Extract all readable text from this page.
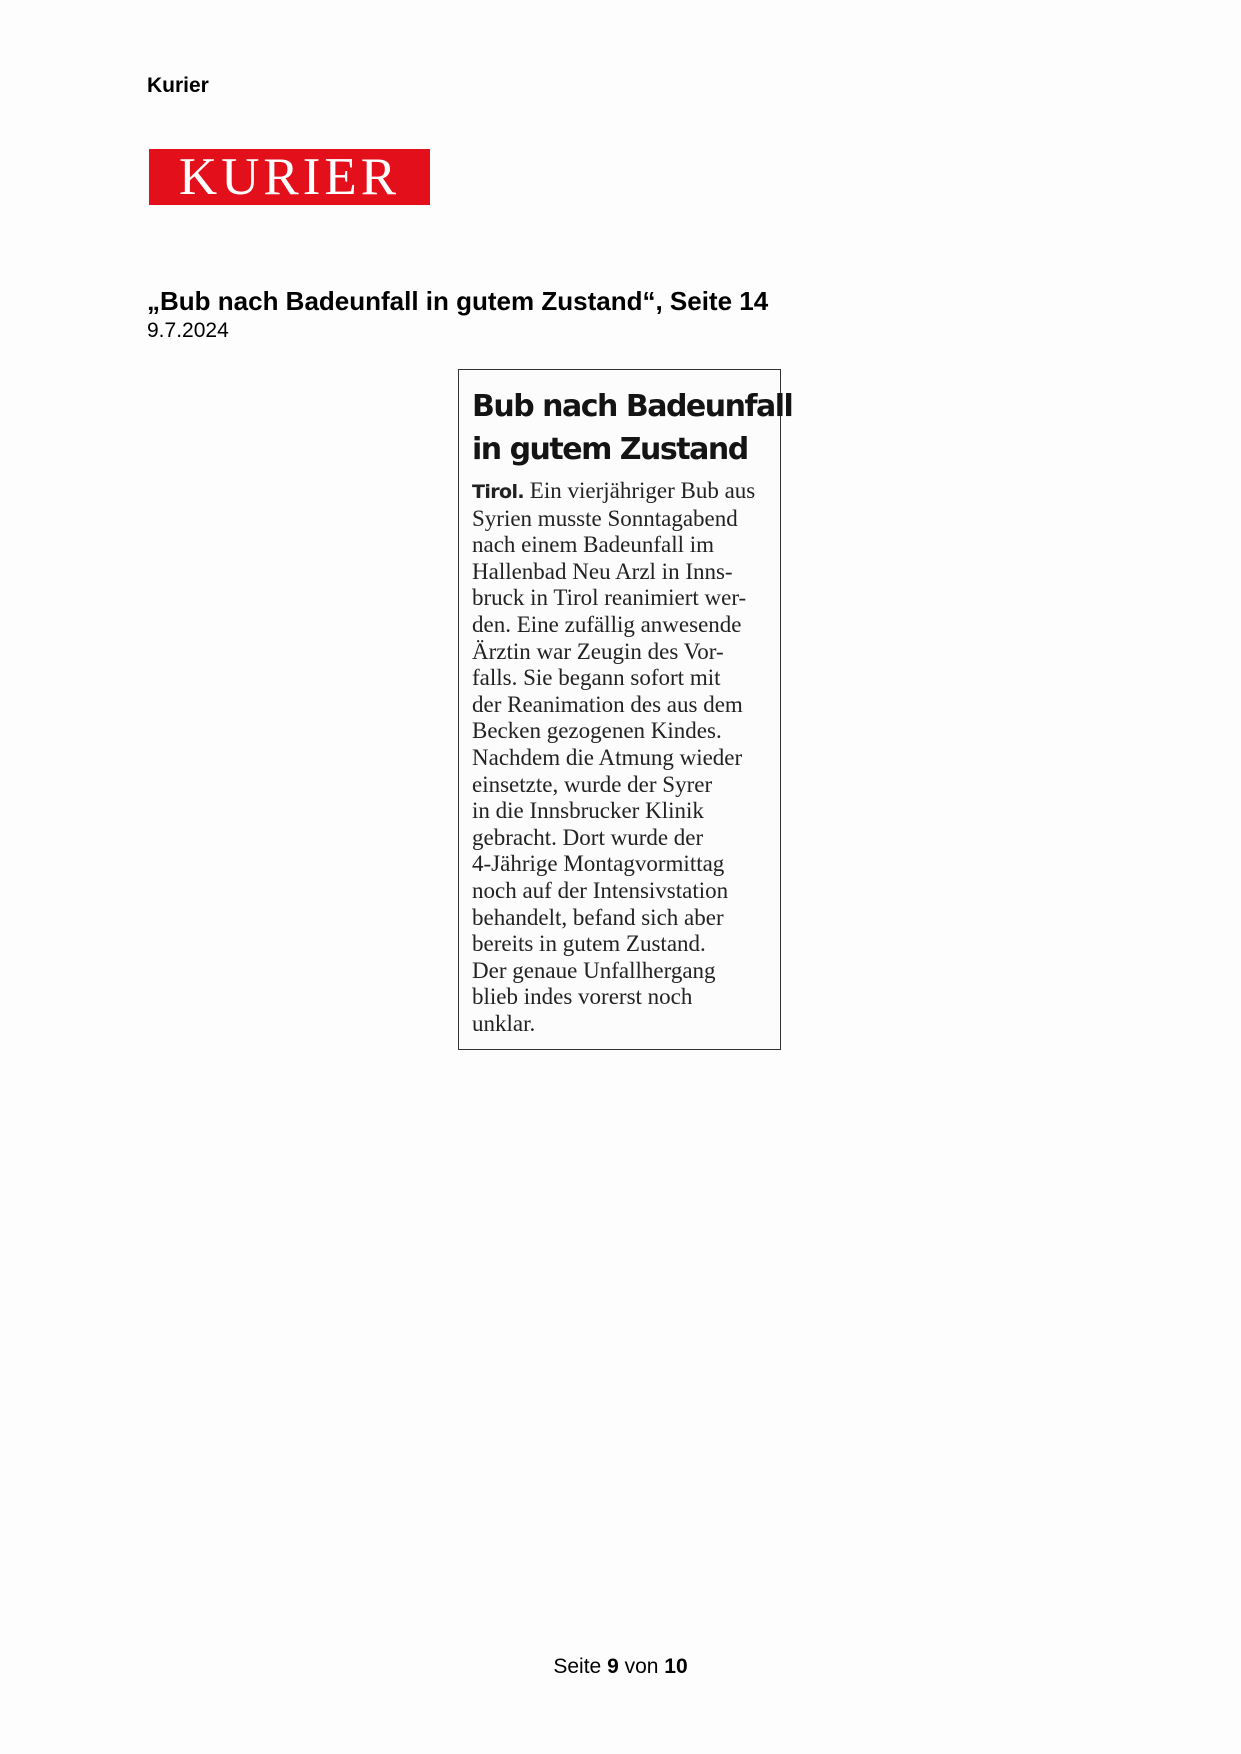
Kurier
KURIER
„Bub nach Badeunfall in gutem Zustand“, Seite 14
9.7.2024
Bub nach Badeunfall
in gutem Zustand
Tirol. Ein vierjähriger Bub aus
Syrien musste Sonntagabend
nach einem Badeunfall im
Hallenbad Neu Arzl in Inns-
bruck in Tirol reanimiert wer-
den. Eine zufällig anwesende
Ärztin war Zeugin des Vor-
falls. Sie begann sofort mit
der Reanimation des aus dem
Becken gezogenen Kindes.
Nachdem die Atmung wieder
einsetzte, wurde der Syrer
in die Innsbrucker Klinik
gebracht. Dort wurde der
4-Jährige Montagvormittag
noch auf der Intensivstation
behandelt, befand sich aber
bereits in gutem Zustand.
Der genaue Unfallhergang
blieb indes vorerst noch
unklar.
Seite 9 von 10
